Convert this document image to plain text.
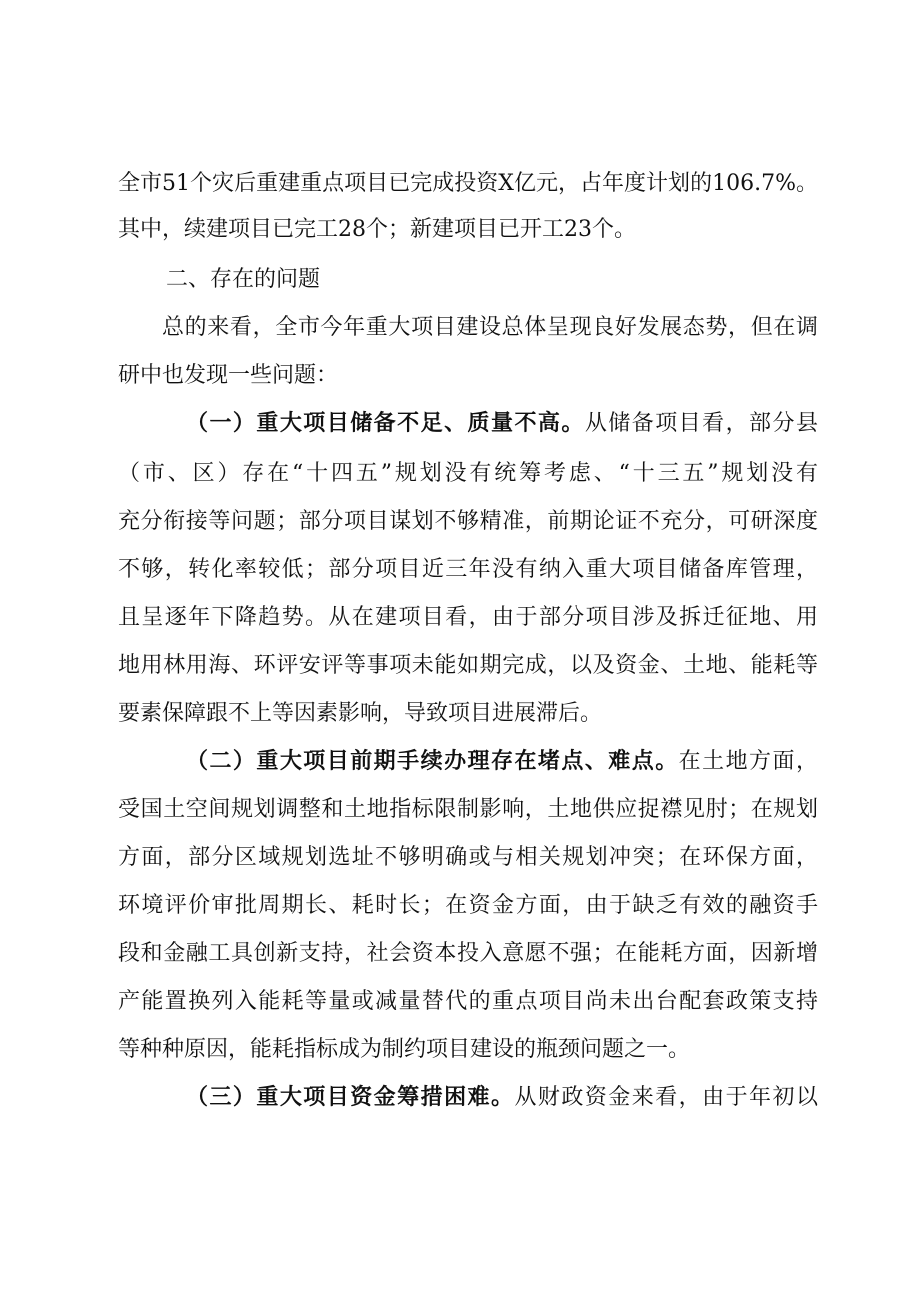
全市51个灾后重建重点项目已完成投资X亿元，占年度计划的106.7%。
其中，续建项目已完工28个；新建项目已开工23个。
二、存在的问题
总的来看，全市今年重大项目建设总体呈现良好发展态势，但在调
研中也发现一些问题：
（一）重大项目储备不足、质量不高。从储备项目看，部分县
（市、区）存在“十四五”规划没有统筹考虑、“十三五”规划没有
充分衔接等问题；部分项目谋划不够精准，前期论证不充分，可研深度
不够，转化率较低；部分项目近三年没有纳入重大项目储备库管理，
且呈逐年下降趋势。从在建项目看，由于部分项目涉及拆迁征地、用
地用林用海、环评安评等事项未能如期完成，以及资金、土地、能耗等
要素保障跟不上等因素影响，导致项目进展滞后。
（二）重大项目前期手续办理存在堵点、难点。在土地方面，
受国土空间规划调整和土地指标限制影响，土地供应捉襟见肘；在规划
方面，部分区域规划选址不够明确或与相关规划冲突；在环保方面，
环境评价审批周期长、耗时长；在资金方面，由于缺乏有效的融资手
段和金融工具创新支持，社会资本投入意愿不强；在能耗方面，因新增
产能置换列入能耗等量或减量替代的重点项目尚未出台配套政策支持
等种种原因，能耗指标成为制约项目建设的瓶颈问题之一。
（三）重大项目资金筹措困难。从财政资金来看，由于年初以
